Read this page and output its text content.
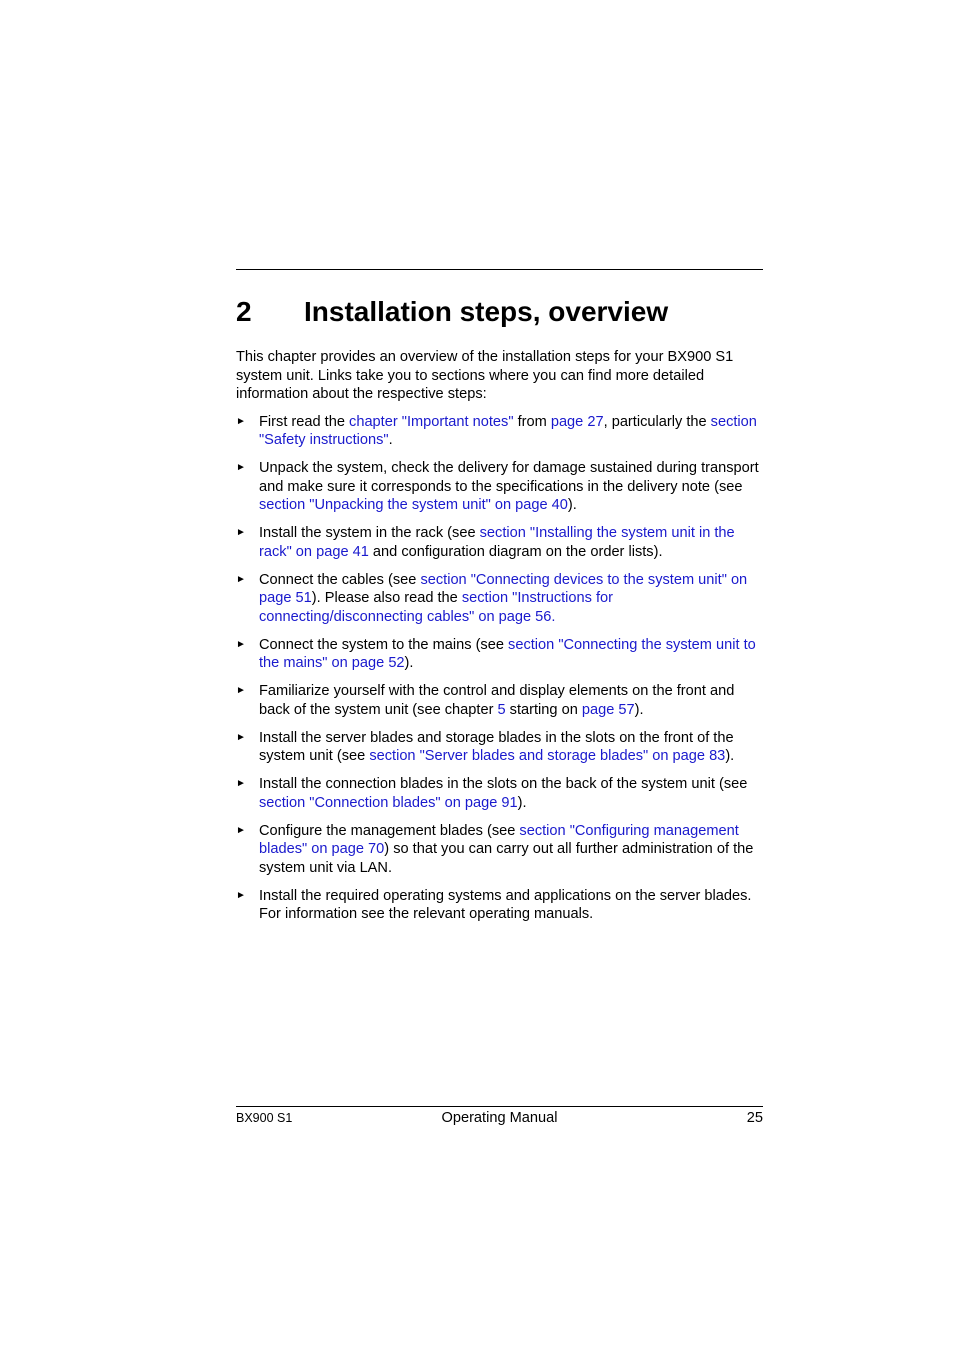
2 Installation steps, overview

This chapter provides an overview of the installation steps for your BX900 S1 system unit. Links take you to sections where you can find more detailed information about the respective steps:

► First read the chapter "Important notes" from page 27, particularly the section "Safety instructions".
► Unpack the system, check the delivery for damage sustained during transport and make sure it corresponds to the specifications in the delivery note (see section "Unpacking the system unit" on page 40).
► Install the system in the rack (see section "Installing the system unit in the rack" on page 41 and configuration diagram on the order lists).
► Connect the cables (see section "Connecting devices to the system unit" on page 51). Please also read the section "Instructions for connecting/disconnecting cables" on page 56.
► Connect the system to the mains (see section "Connecting the system unit to the mains" on page 52).
► Familiarize yourself with the control and display elements on the front and back of the system unit (see chapter 5 starting on page 57).
► Install the server blades and storage blades in the slots on the front of the system unit (see section "Server blades and storage blades" on page 83).
► Install the connection blades in the slots on the back of the system unit (see section "Connection blades" on page 91).
► Configure the management blades (see section "Configuring management blades" on page 70) so that you can carry out all further administration of the system unit via LAN.
► Install the required operating systems and applications on the server blades. For information see the relevant operating manuals.
BX900 S1	Operating Manual	25
